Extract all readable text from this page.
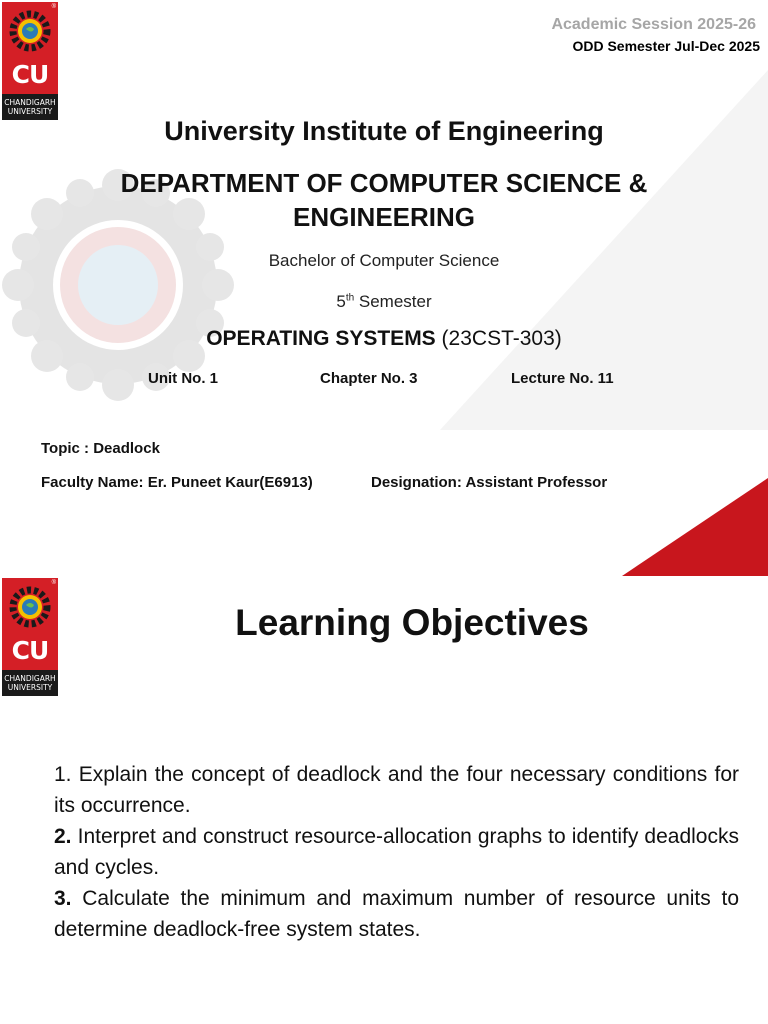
®
CU
CHANDIGARH UNIVERSITY
Academic Session 2025-26
ODD Semester Jul-Dec 2025
University Institute of Engineering
DEPARTMENT OF COMPUTER SCIENCE & ENGINEERING
Bachelor of Computer Science
5th Semester
OPERATING SYSTEMS (23CST-303)
Unit No. 1	Chapter No. 3	Lecture No. 11
Topic : Deadlock
Faculty Name: Er. Puneet Kaur(E6913)	Designation: Assistant Professor
®
CU
CHANDIGARH UNIVERSITY
Learning Objectives

1. Explain the concept of deadlock and the four necessary conditions for its occurrence.

2. Interpret and construct resource-allocation graphs to identify deadlocks and cycles.

3. Calculate the minimum and maximum number of resource units to determine deadlock-free system states.
